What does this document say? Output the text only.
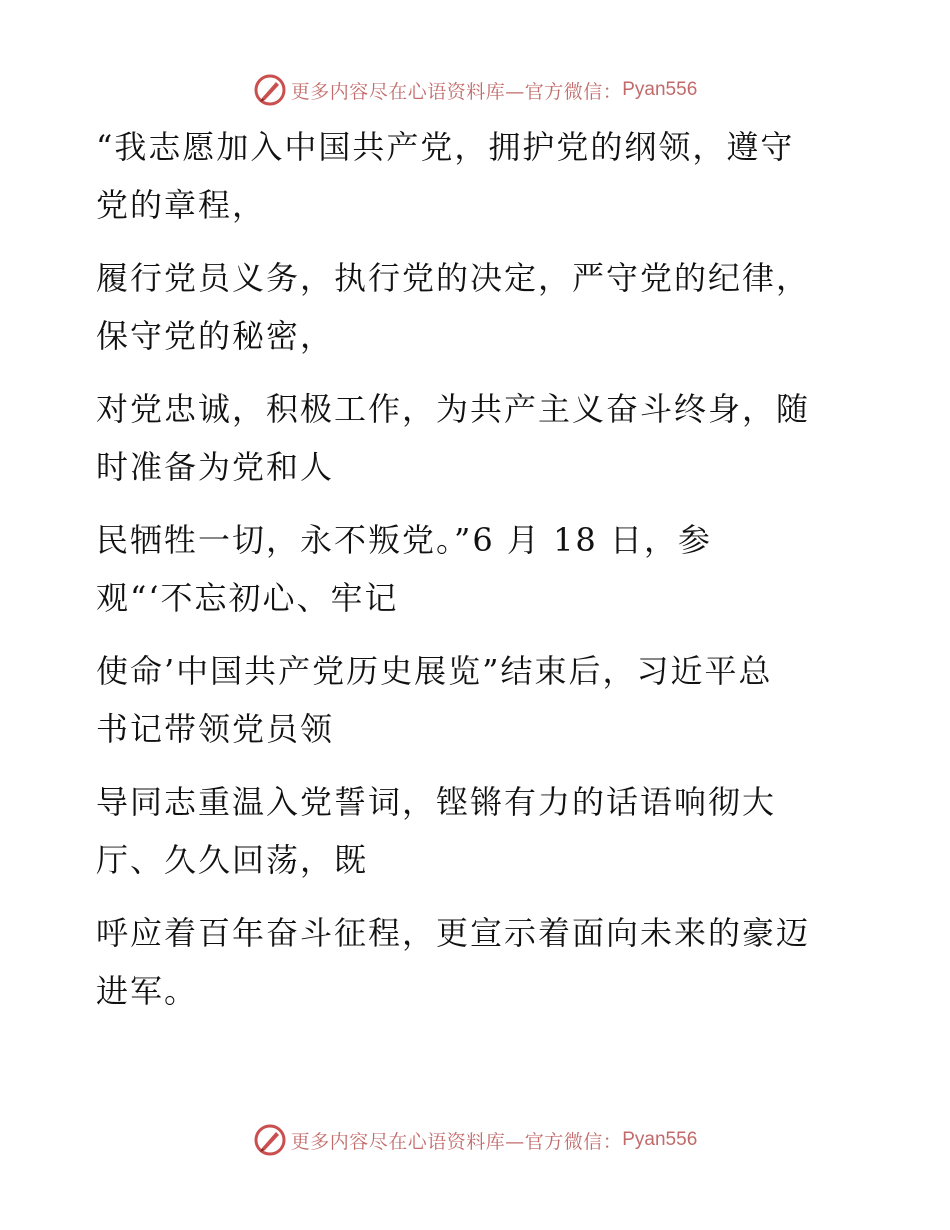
更多内容尽在心语资料库—官方微信： Pyan556
“我志愿加入中国共产党，拥护党的纲领，遵守
党的章程，
履行党员义务，执行党的决定，严守党的纪律，
保守党的秘密，
对党忠诚，积极工作，为共产主义奋斗终身，随
时准备为党和人
民牺牲一切，永不叛党。”6 月 18 日，参
观“‘不忘初心、牢记
使命’中国共产党历史展览”结束后，习近平总
书记带领党员领
导同志重温入党誓词，铿锵有力的话语响彻大
厅、久久回荡，既
呼应着百年奋斗征程，更宣示着面向未来的豪迈
进军。
更多内容尽在心语资料库—官方微信： Pyan556
